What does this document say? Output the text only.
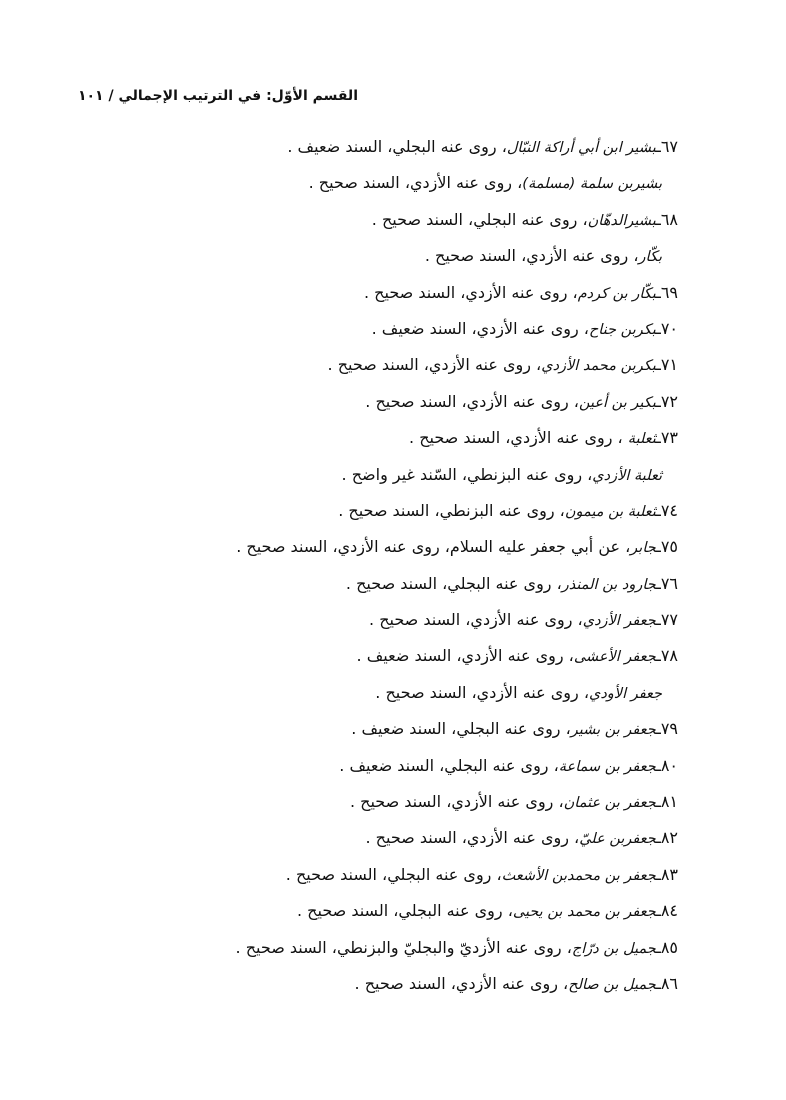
القسم الأوّل: في الترتيب الإجمالي / ١٠١
٦٧ـبشير ابن أبي أراكة النبّال، روى عنه البجلي، السند ضعيف .
بشيربن سلمة (مسلمة)، روى عنه الأزدي، السند صحيح .
٦٨ـبشيرالدهّان، روى عنه البجلي، السند صحيح .
بكّار، روى عنه الأزدي، السند صحيح .
٦٩ـبكّار بن كردم، روى عنه الأزدي، السند صحيح .
٧٠ـبكربن جناح، روى عنه الأزدي، السند ضعيف .
٧١ـبكربن محمد الأزدي، روى عنه الأزدي، السند صحيح .
٧٢ـبكير بن أعين، روى عنه الأزدي، السند صحيح .
٧٣ـثعلبة ، روى عنه الأزدي، السند صحيح .
ثعلبة الأزدي، روى عنه البزنطي، السّند غير واضح .
٧٤ـثعلبة بن ميمون، روى عنه البزنطي، السند صحيح .
٧٥ـجابر، عن أبي جعفر عليه السلام، روى عنه الأزدي، السند صحيح .
٧٦ـجارود بن المنذر، روى عنه البجلي، السند صحيح .
٧٧ـجعفر الأزدي، روى عنه الأزدي، السند صحيح .
٧٨ـجعفر الأعشى، روى عنه الأزدي، السند ضعيف .
جعفر الأودي، روى عنه الأزدي، السند صحيح .
٧٩ـجعفر بن بشير، روى عنه البجلي، السند ضعيف .
٨٠ـجعفر بن سماعة، روى عنه البجلي، السند ضعيف .
٨١ـجعفر بن عثمان، روى عنه الأزدي، السند صحيح .
٨٢ـجعفربن عليّ، روى عنه الأزدي، السند صحيح .
٨٣ـجعفر بن محمدبن الأشعث، روى عنه البجلي، السند صحيح .
٨٤ـجعفر بن محمد بن يحيى، روى عنه البجلي، السند صحيح .
٨٥ـجميل بن درّاج، روى عنه الأزديّ والبجليّ والبزنطي، السند صحيح .
٨٦ـجميل بن صالح، روى عنه الأزدي، السند صحيح .
